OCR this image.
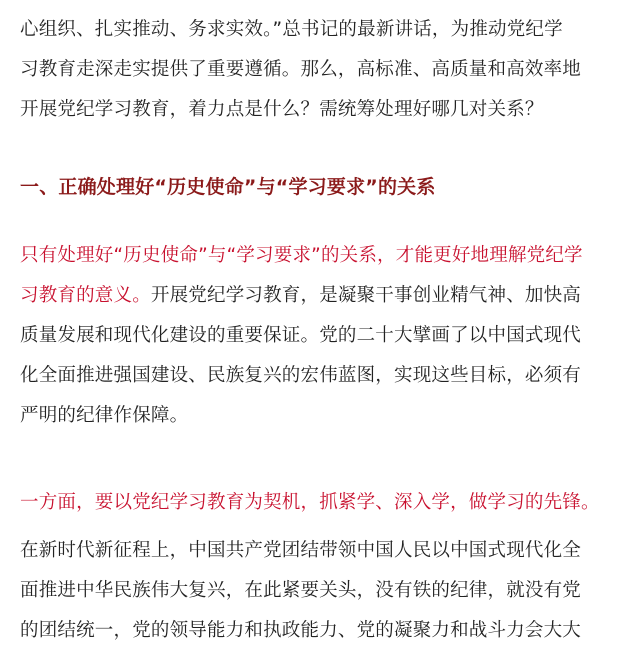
心组织、扎实推动、务求实效。”总书记的最新讲话，为推动党纪学
习教育走深走实提供了重要遵循。那么，高标准、高质量和高效率地
开展党纪学习教育，着力点是什么？需统筹处理好哪几对关系？
一、正确处理好“历史使命”与“学习要求”的关系
只有处理好“历史使命”与“学习要求”的关系，才能更好地理解党纪学
习教育的意义。开展党纪学习教育，是凝聚干事创业精气神、加快高
质量发展和现代化建设的重要保证。党的二十大擘画了以中国式现代
化全面推进强国建设、民族复兴的宏伟蓝图，实现这些目标，必须有
严明的纪律作保障。
一方面，要以党纪学习教育为契机，抓紧学、深入学，做学习的先锋。
在新时代新征程上，中国共产党团结带领中国人民以中国式现代化全
面推进中华民族伟大复兴，在此紧要关头，没有铁的纪律，就没有党
的团结统一，党的领导能力和执政能力、党的凝聚力和战斗力会大大
